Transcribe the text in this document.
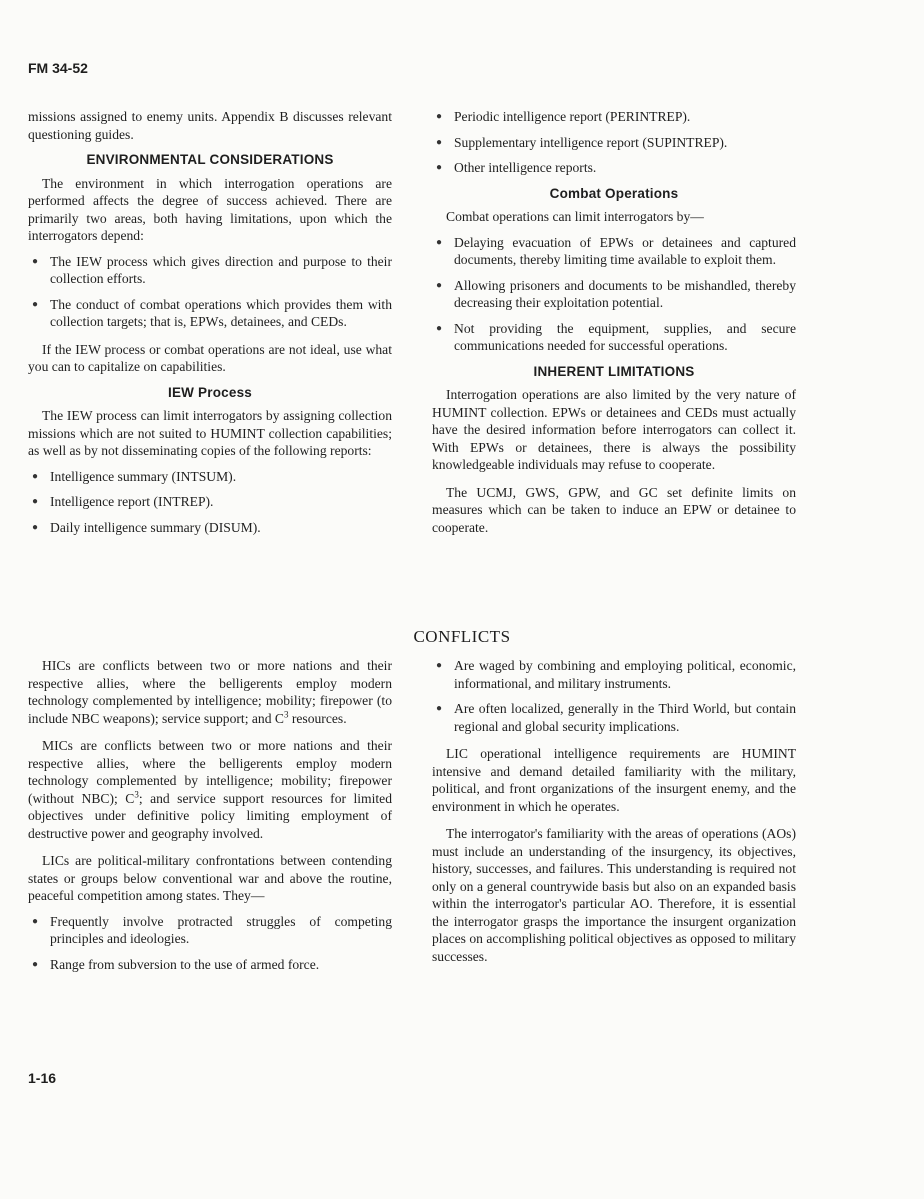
FM 34-52

missions assigned to enemy units. Appendix B discusses relevant questioning guides.

ENVIRONMENTAL CONSIDERATIONS

The environment in which interrogation operations are performed affects the degree of success achieved. There are primarily two areas, both having limitations, upon which the interrogators depend:

● The IEW process which gives direction and purpose to their collection efforts.
● The conduct of combat operations which provides them with collection targets; that is, EPWs, detainees, and CEDs.

If the IEW process or combat operations are not ideal, use what you can to capitalize on capabilities.

IEW Process

The IEW process can limit interrogators by assigning collection missions which are not suited to HUMINT collection capabilities; as well as by not disseminating copies of the following reports:

● Intelligence summary (INTSUM).
● Intelligence report (INTREP).
● Daily intelligence summary (DISUM).
● Periodic intelligence report (PERINTREP).
● Supplementary intelligence report (SUPINTREP).
● Other intelligence reports.
Combat Operations

Combat operations can limit interrogators by—

● Delaying evacuation of EPWs or detainees and captured documents, thereby limiting time available to exploit them.
● Allowing prisoners and documents to be mishandled, thereby decreasing their exploitation potential.
● Not providing the equipment, supplies, and secure communications needed for successful operations.
INHERENT LIMITATIONS

Interrogation operations are also limited by the very nature of HUMINT collection. EPWs or detainees and CEDs must actually have the desired information before interrogators can collect it. With EPWs or detainees, there is always the possibility knowledgeable individuals may refuse to cooperate.

The UCMJ, GWS, GPW, and GC set definite limits on measures which can be taken to induce an EPW or detainee to cooperate.

CONFLICTS

HICs are conflicts between two or more nations and their respective allies, where the belligerents employ modern technology complemented by intelligence; mobility; firepower (to include NBC weapons); service support; and $C^3$ resources.

MICs are conflicts between two or more nations and their respective allies, where the belligerents employ modern technology complemented by intelligence; mobility; firepower (without NBC); $C^3$; and service support resources for limited objectives under definitive policy limiting employment of destructive power and geography involved.

LICs are political-military confrontations between contending states or groups below conventional war and above the routine, peaceful competition among states. They—

● Frequently involve protracted struggles of competing principles and ideologies.
● Range from subversion to the use of armed force.
● Are waged by combining and employing political, economic, informational, and military instruments.
● Are often localized, generally in the Third World, but contain regional and global security implications.

LIC operational intelligence requirements are HUMINT intensive and demand detailed familiarity with the military, political, and front organizations of the insurgent enemy, and the environment in which he operates.

The interrogator's familiarity with the areas of operations (AOs) must include an understanding of the insurgency, its objectives, history, successes, and failures. This understanding is required not only on a general countrywide basis but also on an expanded basis within the interrogator's particular AO. Therefore, it is essential the interrogator grasps the importance the insurgent organization places on accomplishing political objectives as opposed to military successes.

1-16
